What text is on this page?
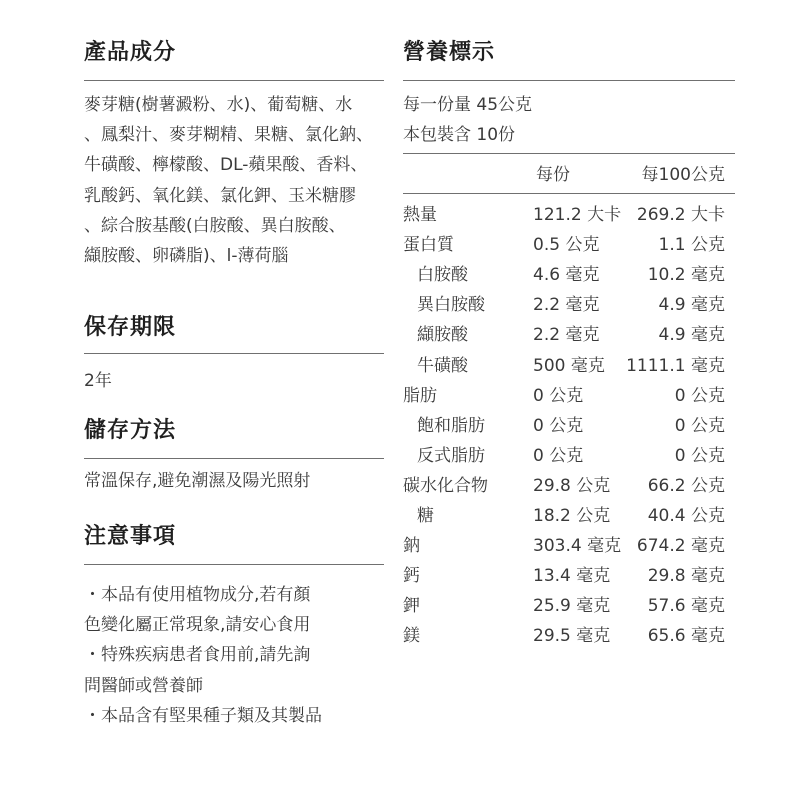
產品成分
麥芽糖(樹薯澱粉、水)、葡萄糖、水
、鳳梨汁、麥芽糊精、果糖、氯化鈉、
牛磺酸、檸檬酸、DL-蘋果酸、香料、
乳酸鈣、氧化鎂、氯化鉀、玉米糖膠
、綜合胺基酸(白胺酸、異白胺酸、
纈胺酸、卵磷脂)、l-薄荷腦
保存期限
2年
儲存方法
常溫保存,避免潮濕及陽光照射
注意事項
・本品有使用植物成分,若有顏
色變化屬正常現象,請安心食用
・特殊疾病患者食用前,請先詢
問醫師或營養師
・本品含有堅果種子類及其製品
營養標示
每一份量 45公克
本包裝含 10份
每份	每100公克
熱量	121.2 大卡 269.2 大卡
蛋白質	0.5 公克	1.1 公克
白胺酸	4.6 毫克	10.2 毫克
異白胺酸	2.2 毫克	4.9 毫克
纈胺酸	2.2 毫克	4.9 毫克
牛磺酸	500 毫克 1111.1 毫克
脂肪	0 公克	0 公克
飽和脂肪	0 公克	0 公克
反式脂肪	0 公克	0 公克
碳水化合物	29.8 公克 66.2 公克
糖	18.2 公克 40.4 公克
鈉	303.4 毫克 674.2 毫克
鈣	13.4 毫克 29.8 毫克
鉀	25.9 毫克 57.6 毫克
鎂	29.5 毫克 65.6 毫克
